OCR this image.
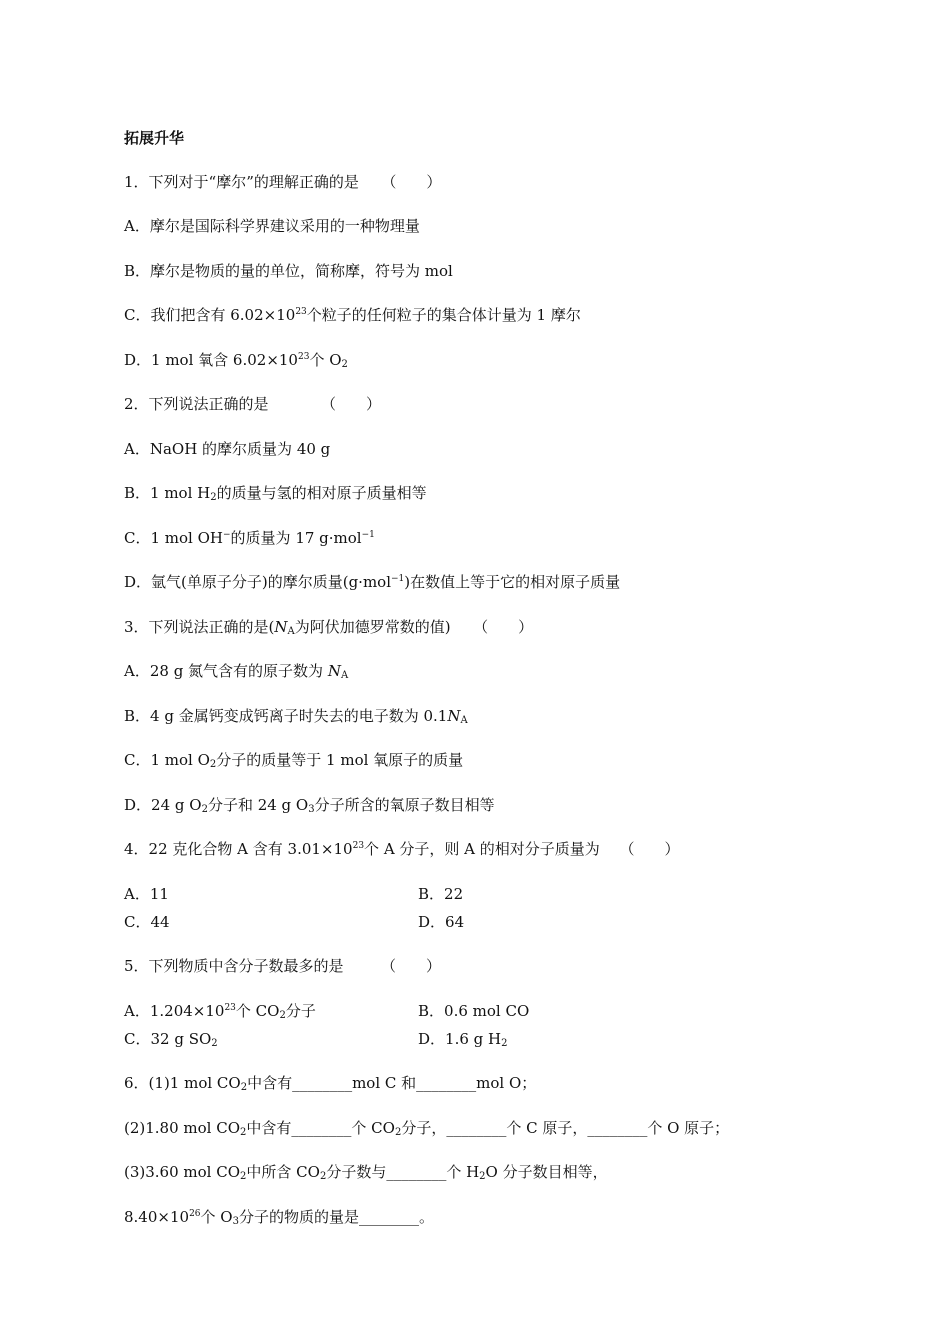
拓展升华
1．下列对于“摩尔”的理解正确的是　　（　　）
A．摩尔是国际科学界建议采用的一种物理量
B．摩尔是物质的量的单位，简称摩，符号为 mol
C．我们把含有 $6.02\times 10^{23}$个粒子的任何粒子的集合体计量为 1 摩尔
D．1 mol 氧含 $6.02\times 10^{23}$个 $O_2$
2．下列说法正确的是　　　　（　　）
A．NaOH 的摩尔质量为 40 g
B．1 mol $H_2$的质量与氢的相对原子质量相等
C．1 mol OH−的质量为 17 g·mol$^{-1}$
D．氩气(单原子分子)的摩尔质量(g·mol$^{-1}$)在数值上等于它的相对原子质量
3．下列说法正确的是($N_A$为阿伏加德罗常数的值)　　（　　）
A．28 g 氮气含有的原子数为 $N_A$
B．4 g 金属钙变成钙离子时失去的电子数为 $0.1N_A$
C．1 mol $O_2$分子的质量等于 1 mol 氧原子的质量
D．24 g $O_2$分子和 24 g $O_3$分子所含的氧原子数目相等
4．22 克化合物 A 含有 $3.01\times 10^{23}$个 A 分子，则 A 的相对分子质量为　 （　　）
A．11	B．22
C．44	D．64
5．下列物质中含分子数最多的是　　　（　　）
A．$1.204\times 10^{23}$个 $CO_2$分子	B．0.6 mol CO
C．32 g $SO_2$	D．1.6 g $H_2$
6．(1)1 mol $CO_2$中含有________mol C 和________mol O；
(2)1.80 mol $CO_2$中含有________个 $CO_2$分子，________个 C 原子，________个 O 原子；
(3)3.60 mol $CO_2$中所含 $CO_2$分子数与________个 $H_2O$ 分子数目相等，
$8.40\times 10^{26}$个 $O_3$分子的物质的量是________。
